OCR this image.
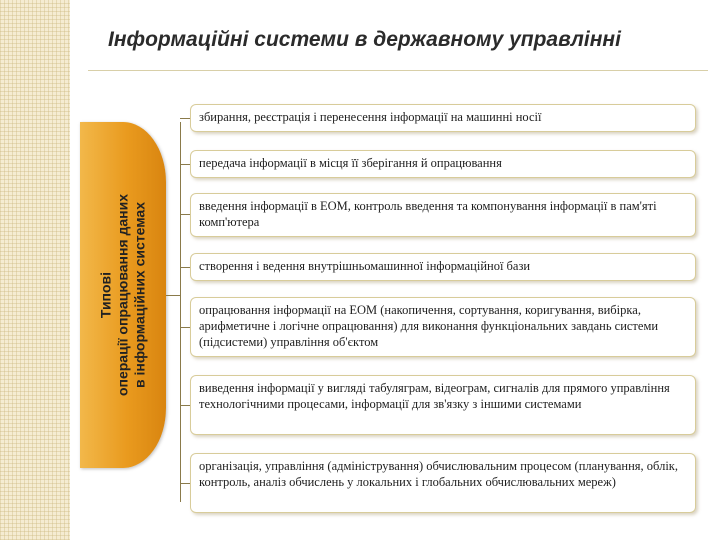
Інформаційні системи в державному управлінні
Типові операції опрацювання даних в інформаційних системах
збирання, реєстрація і перенесення інформації на машинні носії
передача інформації в місця її зберігання й опрацювання
введення інформації в ЕОМ, контроль введення та компонування інформації в пам'яті комп'ютера
створення і ведення внутрішньомашинної інформаційної бази
опрацювання інформації на ЕОМ (накопичення, сортування, коригування, вибірка, арифметичне і логічне опрацювання) для виконання функціональних завдань системи (підсистеми) управління об'єктом
виведення інформації у вигляді табуляграм, відеограм, сигналів для прямого управління технологічними процесами, інформації для зв'язку з іншими системами
організація, управління (адміністрування) обчислювальним процесом (планування, облік, контроль, аналіз обчислень у локальних і глобальних обчислювальних мереж)
